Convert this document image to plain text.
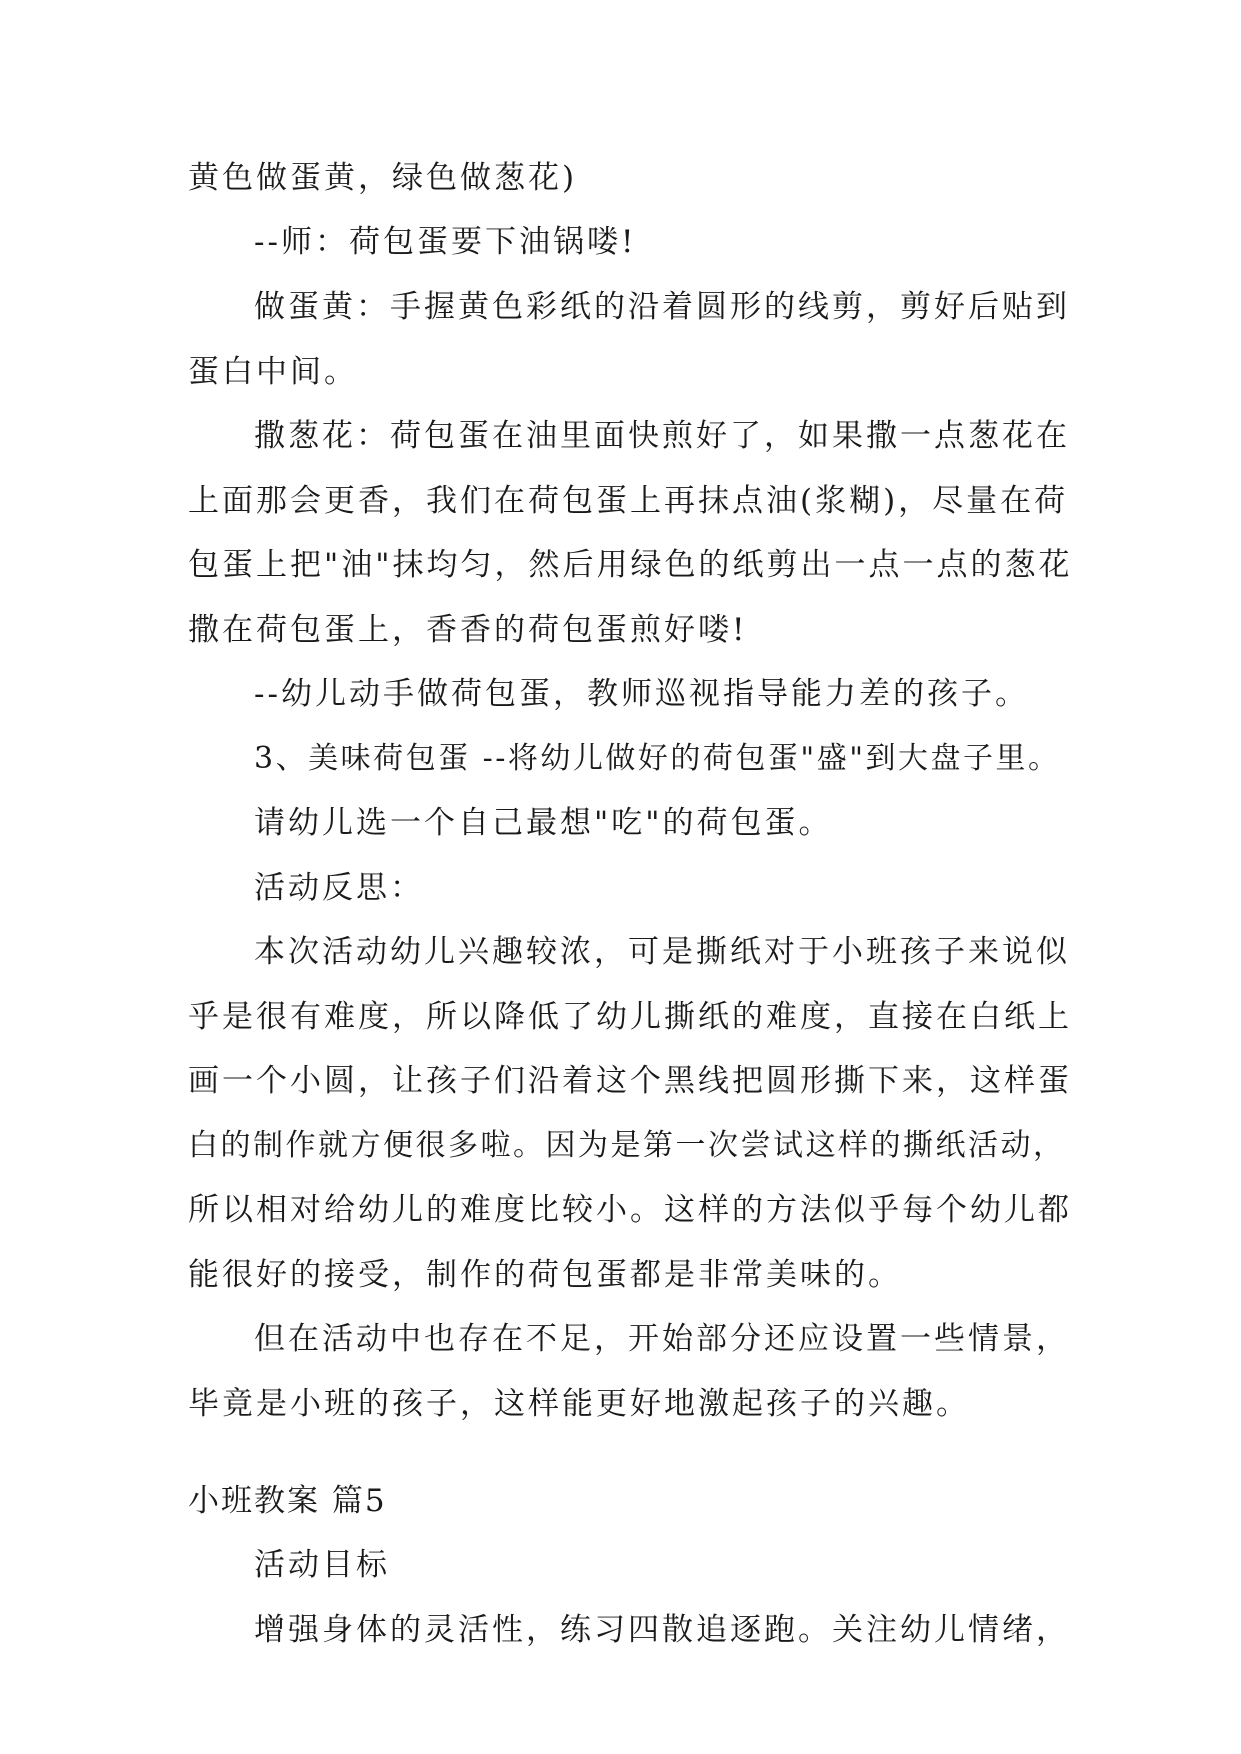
黄色做蛋黄，绿色做葱花)
--师：荷包蛋要下油锅喽!
做蛋黄：手握黄色彩纸的沿着圆形的线剪，剪好后贴到
蛋白中间。
撒葱花：荷包蛋在油里面快煎好了，如果撒一点葱花在
上面那会更香，我们在荷包蛋上再抹点油(浆糊)，尽量在荷
包蛋上把"油"抹均匀，然后用绿色的纸剪出一点一点的葱花
撒在荷包蛋上，香香的荷包蛋煎好喽!
--幼儿动手做荷包蛋，教师巡视指导能力差的孩子。
3、美味荷包蛋 --将幼儿做好的荷包蛋"盛"到大盘子里。
请幼儿选一个自己最想"吃"的荷包蛋。
活动反思：
本次活动幼儿兴趣较浓，可是撕纸对于小班孩子来说似
乎是很有难度，所以降低了幼儿撕纸的难度，直接在白纸上
画一个小圆，让孩子们沿着这个黑线把圆形撕下来，这样蛋
白的制作就方便很多啦。因为是第一次尝试这样的撕纸活动，
所以相对给幼儿的难度比较小。这样的方法似乎每个幼儿都
能很好的接受，制作的荷包蛋都是非常美味的。
但在活动中也存在不足，开始部分还应设置一些情景，
毕竟是小班的孩子，这样能更好地激起孩子的兴趣。
小班教案 篇5
活动目标
增强身体的灵活性，练习四散追逐跑。关注幼儿情绪，
